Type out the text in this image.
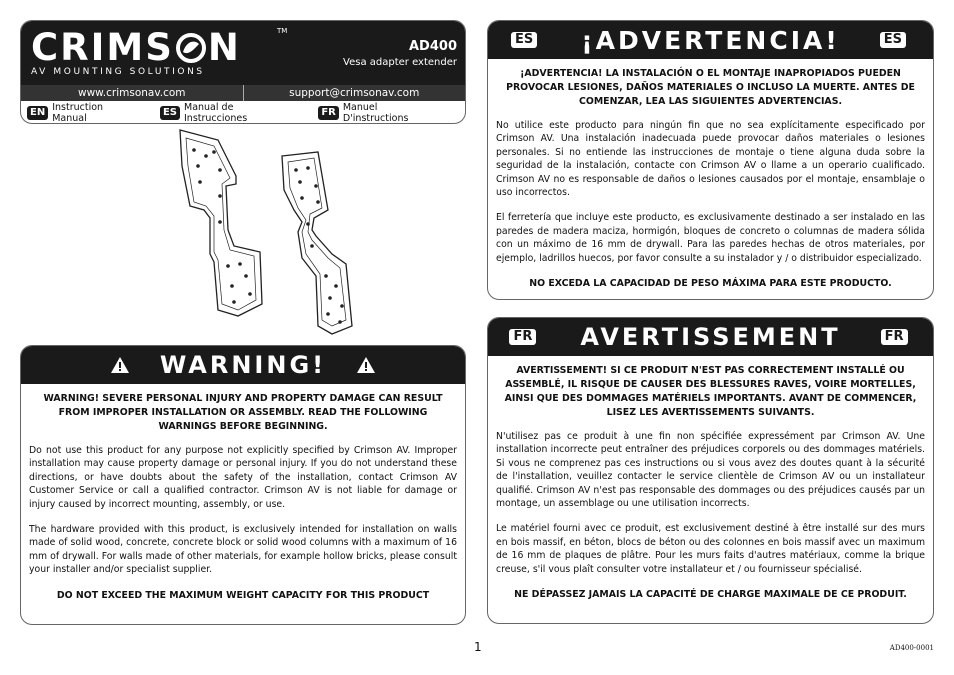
CRIMS N
AV MOUNTING SOLUTIONS
TM
AD400
Vesa adapter extender
www.crimsonav.com	support@crimsonav.com
EN Instruction Manual
ES Manual de Instrucciones
FR Manuel D'instructions
WARNING!

WARNING! SEVERE PERSONAL INJURY AND PROPERTY DAMAGE CAN RESULT FROM IMPROPER INSTALLATION OR ASSEMBLY. READ THE FOLLOWING WARNINGS BEFORE BEGINNING.

Do not use this product for any purpose not explicitly specified by Crimson AV. Improper installation may cause property damage or personal injury. If you do not understand these directions, or have doubts about the safety of the installation, contact Crimson AV Customer Service or call a qualified contractor. Crimson AV is not liable for damage or injury caused by incorrect mounting, assembly, or use.

The hardware provided with this product, is exclusively intended for installation on walls made of solid wood, concrete, concrete block or solid wood columns with a maximum of 16 mm of drywall. For walls made of other materials, for example hollow bricks, please consult your installer and/or specialist supplier.

DO NOT EXCEED THE MAXIMUM WEIGHT CAPACITY FOR THIS PRODUCT

ES ¡ADVERTENCIA!	ES

¡ADVERTENCIA! LA INSTALACIÓN O EL MONTAJE INAPROPIADOS PUEDEN PROVOCAR LESIONES, DAÑOS MATERIALES O INCLUSO LA MUERTE. ANTES DE COMENZAR, LEA LAS SIGUIENTES ADVERTENCIAS.

No utilice este producto para ningún fin que no sea explícitamente especificado por Crimson AV. Una instalación inadecuada puede provocar daños materiales o lesiones personales. Si no entiende las instrucciones de montaje o tiene alguna duda sobre la seguridad de la instalación, contacte con Crimson AV o llame a un operario cualificado. Crimson AV no es responsable de daños o lesiones causados por el montaje, ensamblaje o uso incorrectos.

El ferretería que incluye este producto, es exclusivamente destinado a ser instalado en las paredes de madera maciza, hormigón, bloques de concreto o columnas de madera sólida con un máximo de 16 mm de drywall. Para las paredes hechas de otros materiales, por ejemplo, ladrillos huecos, por favor consulte a su instalador y / o distribuidor especializado.

NO EXCEDA LA CAPACIDAD DE PESO MÁXIMA PARA ESTE PRODUCTO.

FR AVERTISSEMENT	FR

AVERTISSEMENT! SI CE PRODUIT N'EST PAS CORRECTEMENT INSTALLÉ OU ASSEMBLÉ, IL RISQUE DE CAUSER DES BLESSURES RAVES, VOIRE MORTELLES, AINSI QUE DES DOMMAGES MATÉRIELS IMPORTANTS. AVANT DE COMMENCER, LISEZ LES AVERTISSEMENTS SUIVANTS.

N'utilisez pas ce produit à une fin non spécifiée expressément par Crimson AV. Une installation incorrecte peut entraîner des préjudices corporels ou des dommages matériels. Si vous ne comprenez pas ces instructions ou si vous avez des doutes quant à la sécurité de l'installation, veuillez contacter le service clientèle de Crimson AV ou un installateur qualifié. Crimson AV n'est pas responsable des dommages ou des préjudices causés par un montage, un assemblage ou une utilisation incorrects.

Le matériel fourni avec ce produit, est exclusivement destiné à être installé sur des murs en bois massif, en béton, blocs de béton ou des colonnes en bois massif avec un maximum de 16 mm de plaques de plâtre. Pour les murs faits d'autres matériaux, comme la brique creuse, s'il vous plaît consulter votre installateur et / ou fournisseur spécialisé.

NE DÉPASSEZ JAMAIS LA CAPACITÉ DE CHARGE MAXIMALE DE CE PRODUIT.

1	AD400-0001
